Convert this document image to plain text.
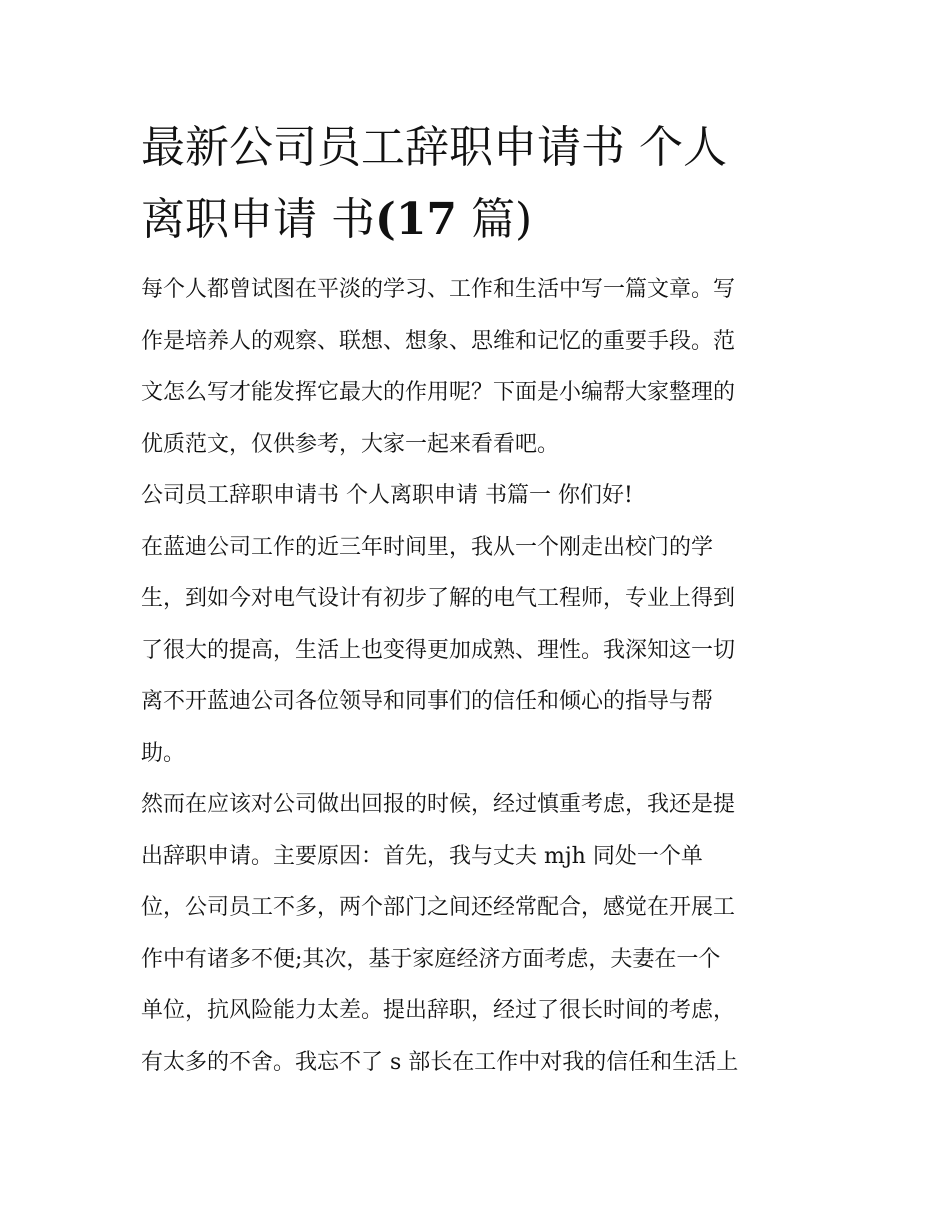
最新公司员工辞职申请书 个人
离职申请 书(17 篇)

每个人都曾试图在平淡的学习、工作和生活中写一篇文章。写
作是培养人的观察、联想、想象、思维和记忆的重要手段。范
文怎么写才能发挥它最大的作用呢？下面是小编帮大家整理的
优质范文，仅供参考，大家一起来看看吧。

公司员工辞职申请书 个人离职申请 书篇一 你们好!

在蓝迪公司工作的近三年时间里，我从一个刚走出校门的学
生，到如今对电气设计有初步了解的电气工程师，专业上得到
了很大的提高，生活上也变得更加成熟、理性。我深知这一切
离不开蓝迪公司各位领导和同事们的信任和倾心的指导与帮
助。

然而在应该对公司做出回报的时候，经过慎重考虑，我还是提
出辞职申请。主要原因：首先，我与丈夫 mjh 同处一个单
位，公司员工不多，两个部门之间还经常配合，感觉在开展工
作中有诸多不便;其次，基于家庭经济方面考虑，夫妻在一个
单位，抗风险能力太差。提出辞职，经过了很长时间的考虑，
有太多的不舍。我忘不了 s 部长在工作中对我的信任和生活上
